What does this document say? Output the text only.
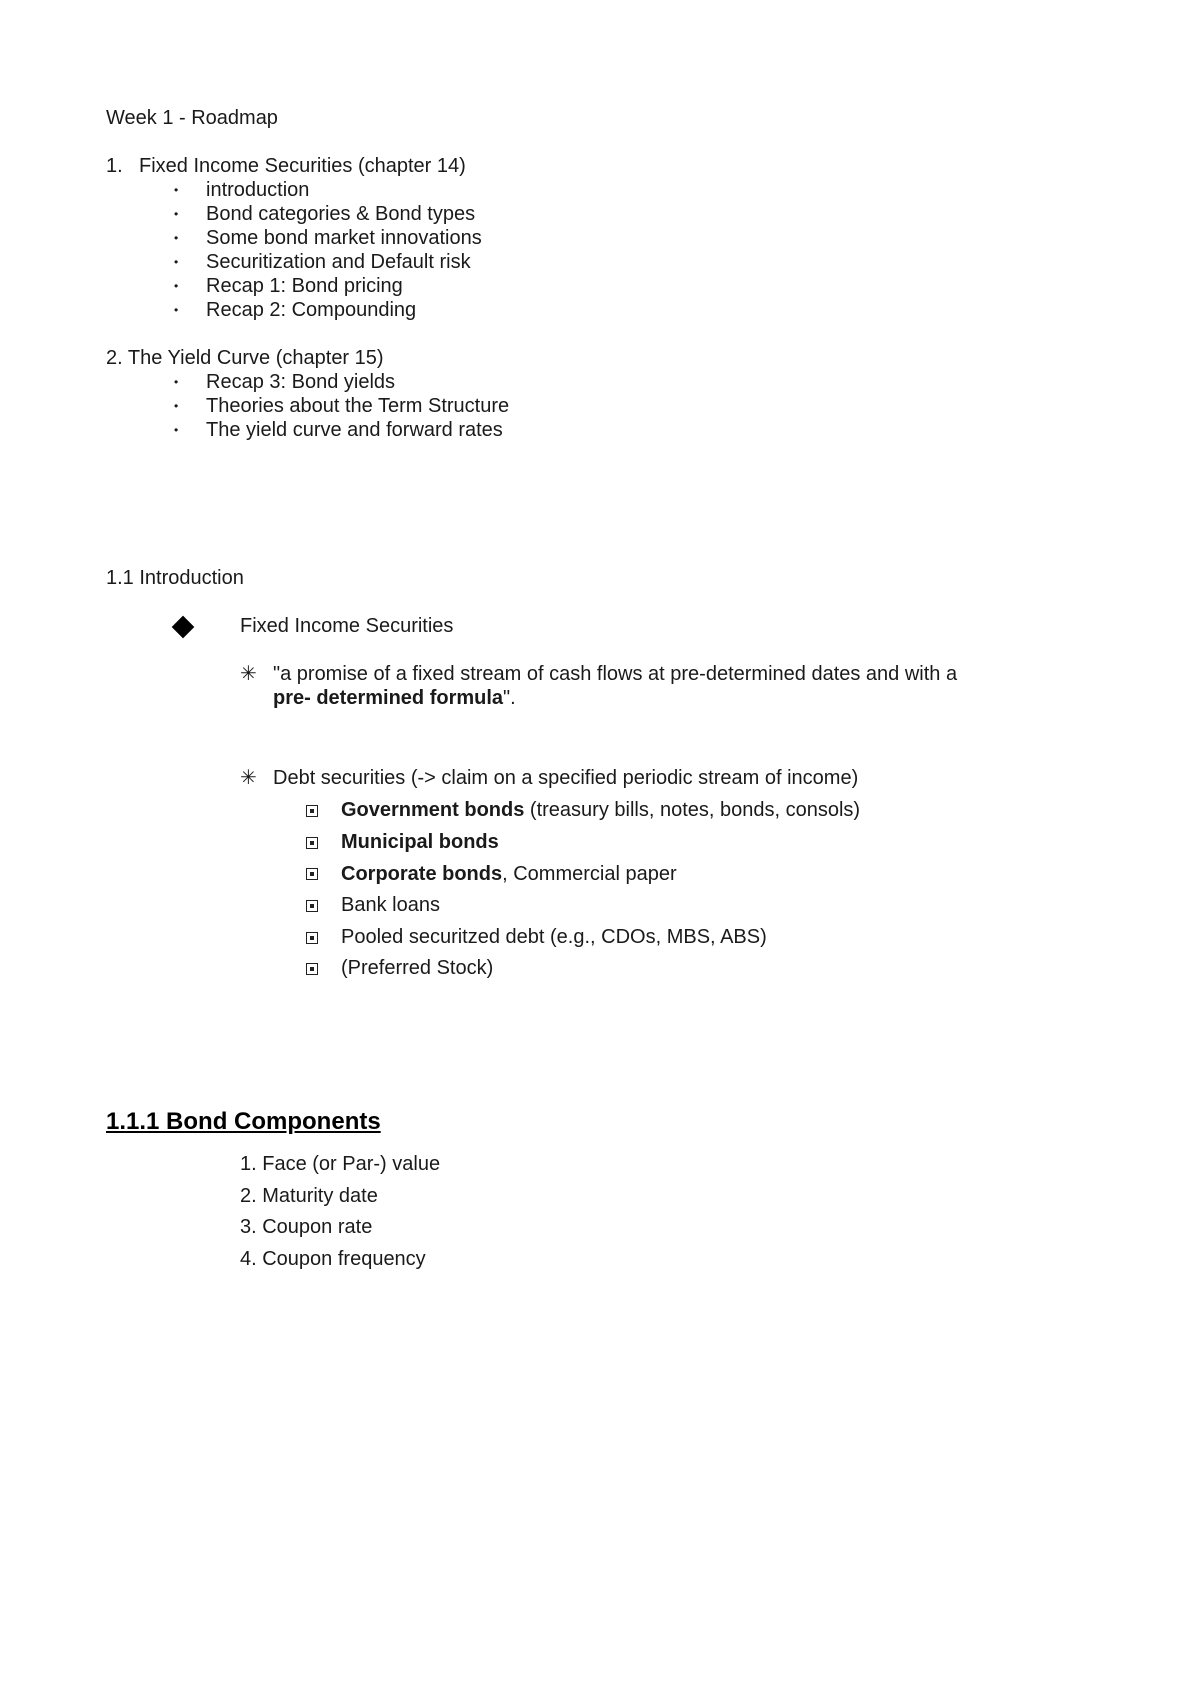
Week 1 - Roadmap

1. Fixed Income Securities (chapter 14)

• introduction

• Bond categories & Bond types

• Some bond market innovations

• Securitization and Default risk

• Recap 1: Bond pricing

• Recap 2: Compounding

2. The Yield Curve (chapter 15)

• Recap 3: Bond yields

• Theories about the Term Structure

• The yield curve and forward rates

1.1 Introduction

Fixed Income Securities

✳ "a promise of a fixed stream of cash flows at pre-determined dates and with a

pre- determined formula".

✳ Debt securities (-> claim on a specified periodic stream of income)

Government bonds (treasury bills, notes, bonds, consols)

Municipal bonds

Corporate bonds, Commercial paper

Bank loans

Pooled securitzed debt (e.g., CDOs, MBS, ABS)

(Preferred Stock)

1.1.1 Bond Components

1. Face (or Par-) value

2. Maturity date

3. Coupon rate

4. Coupon frequency
